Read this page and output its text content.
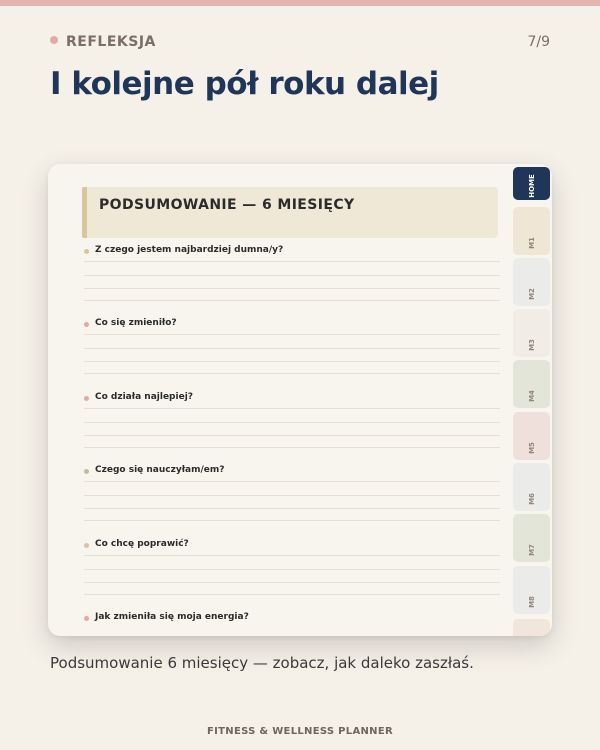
REFLEKSJA	7/9
I kolejne pół roku dalej
PODSUMOWANIE — 6 MIESIĘCY
Z czego jestem najbardziej dumna/y?
Co się zmieniło?
Co działa najlepiej?
Czego się nauczyłam/em?
Co chcę poprawić?
Jak zmieniła się moja energia?
HOME
M1
M2
M3
M4
M5
M6
M7
M8
Podsumowanie 6 miesięcy — zobacz, jak daleko zaszłaś.
FITNESS & WELLNESS PLANNER
